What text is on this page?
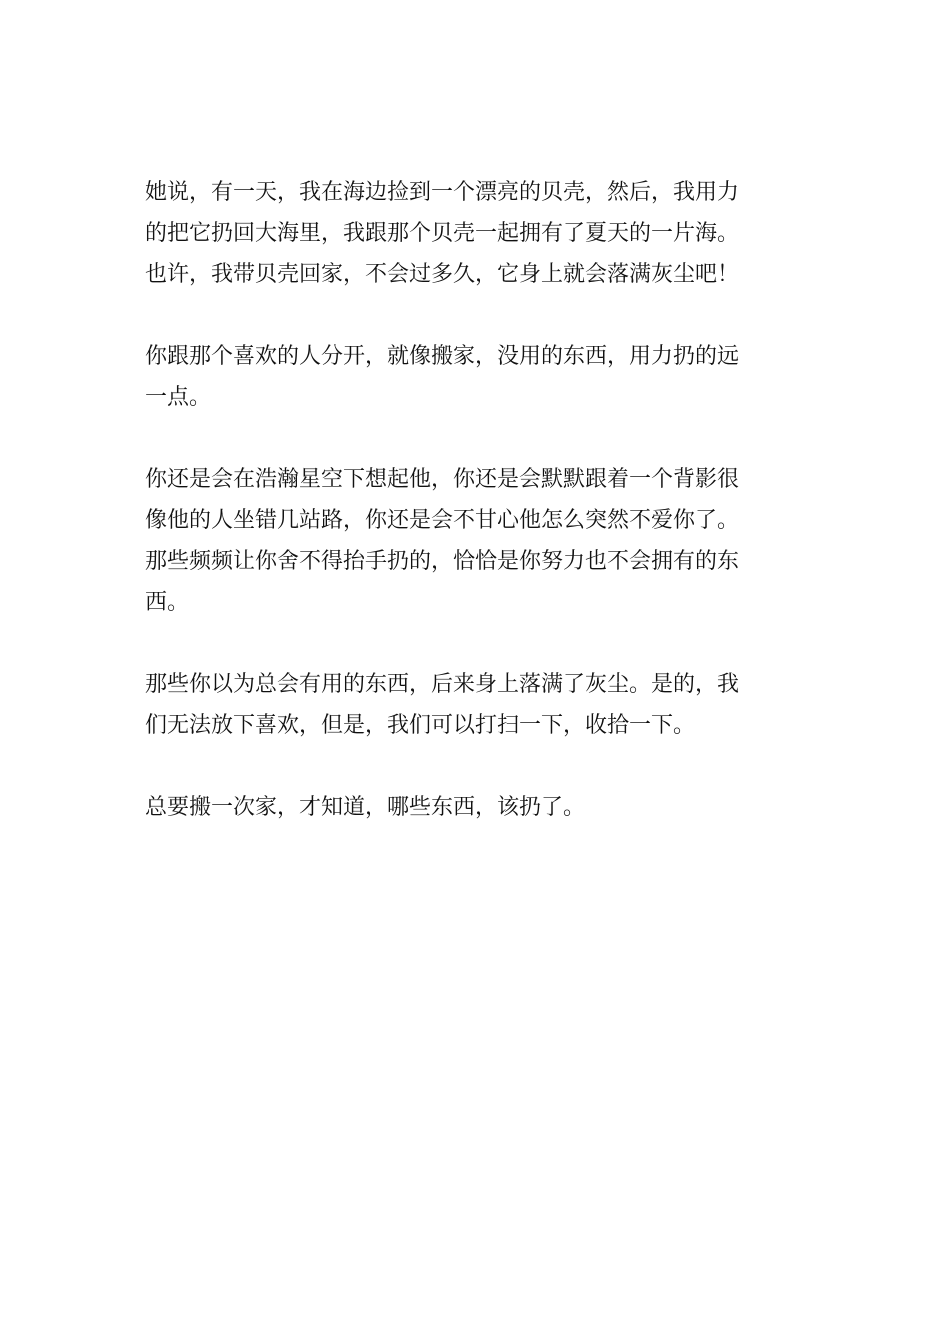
她说，有一天，我在海边捡到一个漂亮的贝壳，然后，我用力
的把它扔回大海里，我跟那个贝壳一起拥有了夏天的一片海。
也许，我带贝壳回家，不会过多久，它身上就会落满灰尘吧！
你跟那个喜欢的人分开，就像搬家，没用的东西，用力扔的远
一点。
你还是会在浩瀚星空下想起他，你还是会默默跟着一个背影很
像他的人坐错几站路，你还是会不甘心他怎么突然不爱你了。
那些频频让你舍不得抬手扔的，恰恰是你努力也不会拥有的东
西。
那些你以为总会有用的东西，后来身上落满了灰尘。是的，我
们无法放下喜欢，但是，我们可以打扫一下，收拾一下。
总要搬一次家，才知道，哪些东西，该扔了。
